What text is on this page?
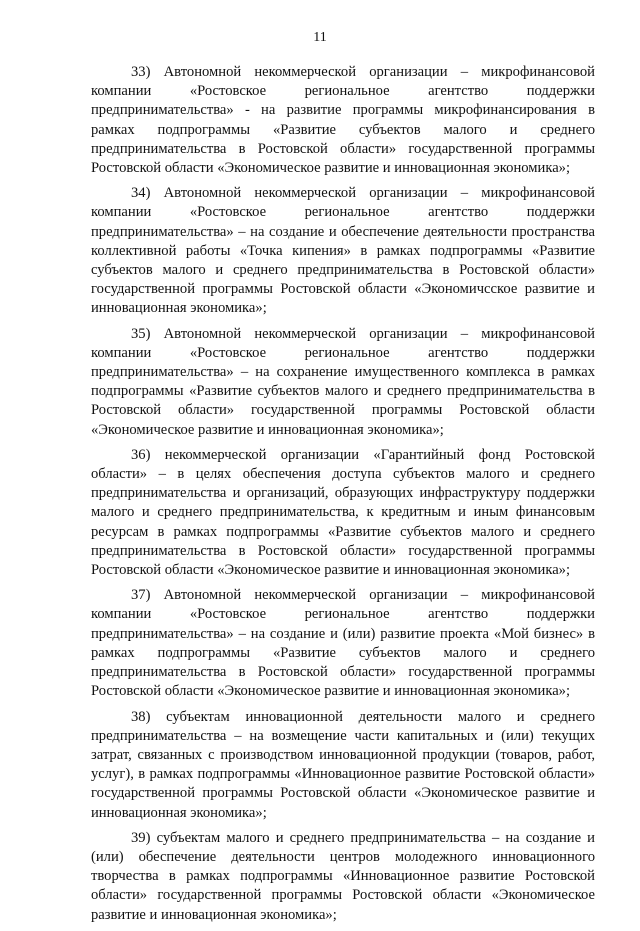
11

33) Автономной некоммерческой организации – микрофинансовой компании «Ростовское региональное агентство поддержки предпринимательства» - на развитие программы микрофинансирования в рамках подпрограммы «Развитие субъектов малого и среднего предпринимательства в Ростовской области» государственной программы Ростовской области «Экономическое развитие и инновационная экономика»;

34) Автономной некоммерческой организации – микрофинансовой компании «Ростовское региональное агентство поддержки предпринимательства» – на создание и обеспечение деятельности пространства коллективной работы «Точка кипения» в рамках подпрограммы «Развитие субъектов малого и среднего предпринимательства в Ростовской области» государственной программы Ростовской области «Экономичсское развитие и инновационная экономика»;

35) Автономной некоммерческой организации – микрофинансовой компании «Ростовское региональное агентство поддержки предпринимательства» – на сохранение имущественного комплекса в рамках подпрограммы «Развитие субъектов малого и среднего предпринимательства в Ростовской области» государственной программы Ростовской области «Экономическое развитие и инновационная экономика»;

36) некоммерческой организации «Гарантийный фонд Ростовской области» – в целях обеспечения доступа субъектов малого и среднего предпринимательства и организаций, образующих инфраструктуру поддержки малого и среднего предпринимательства, к кредитным и иным финансовым ресурсам в рамках подпрограммы «Развитие субъектов малого и среднего предпринимательства в Ростовской области» государственной программы Ростовской области «Экономическое развитие и инновационная экономика»;

37) Автономной некоммерческой организации – микрофинансовой компании «Ростовское региональное агентство поддержки предпринимательства» – на создание и (или) развитие проекта «Мой бизнес» в рамках подпрограммы «Развитие субъектов малого и среднего предпринимательства в Ростовской области» государственной программы Ростовской области «Экономическое развитие и инновационная экономика»;

38) субъектам инновационной деятельности малого и среднего предпринимательства – на возмещение части капитальных и (или) текущих затрат, связанных с производством инновационной продукции (товаров, работ, услуг), в рамках подпрограммы «Инновационное развитие Ростовской области» государственной программы Ростовской области «Экономическое развитие и инновационная экономика»;

39) субъектам малого и среднего предпринимательства – на создание и (или) обеспечение деятельности центров молодежного инновационного творчества в рамках подпрограммы «Инновационное развитие Ростовской области» государственной программы Ростовской области «Экономическое развитие и инновационная экономика»;
